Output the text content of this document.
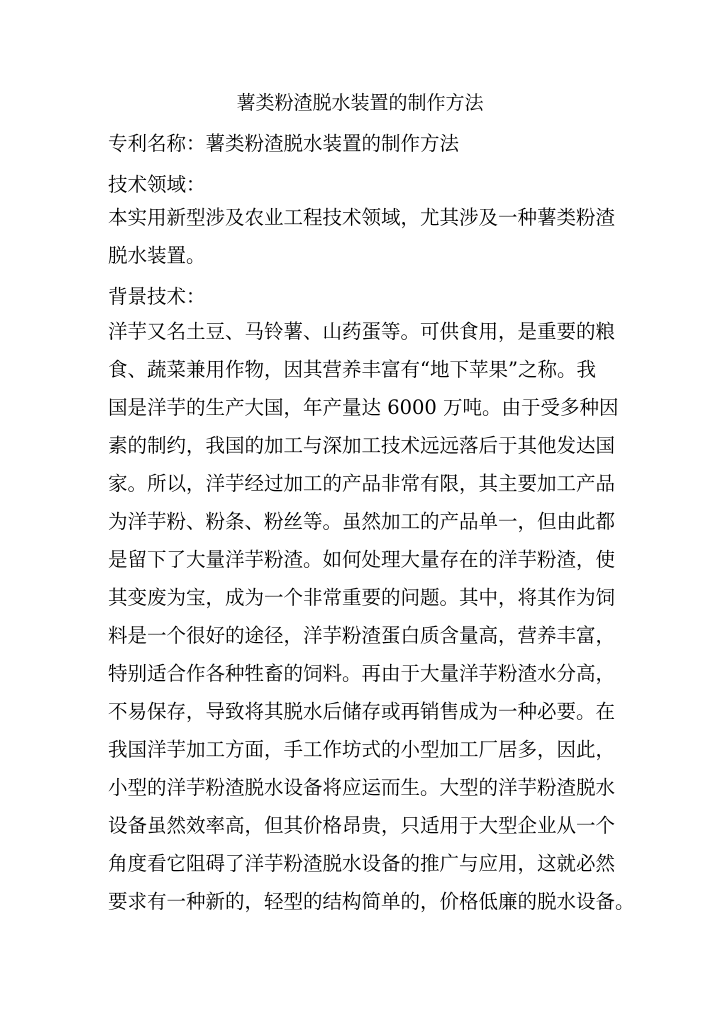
薯类粉渣脱水装置的制作方法
专利名称：薯类粉渣脱水装置的制作方法
技术领域：
本实用新型涉及农业工程技术领域，尤其涉及一种薯类粉渣
脱水装置。
背景技术：
洋芋又名土豆、马铃薯、山药蛋等。可供食用，是重要的粮
食、蔬菜兼用作物，因其营养丰富有“地下苹果”之称。我
国是洋芋的生产大国，年产量达 6000 万吨。由于受多种因
素的制约，我国的加工与深加工技术远远落后于其他发达国
家。所以，洋芋经过加工的产品非常有限，其主要加工产品
为洋芋粉、粉条、粉丝等。虽然加工的产品单一，但由此都
是留下了大量洋芋粉渣。如何处理大量存在的洋芋粉渣，使
其变废为宝，成为一个非常重要的问题。其中，将其作为饲
料是一个很好的途径，洋芋粉渣蛋白质含量高，营养丰富，
特别适合作各种牲畜的饲料。再由于大量洋芋粉渣水分高，
不易保存，导致将其脱水后储存或再销售成为一种必要。在
我国洋芋加工方面，手工作坊式的小型加工厂居多，因此，
小型的洋芋粉渣脱水设备将应运而生。大型的洋芋粉渣脱水
设备虽然效率高，但其价格昂贵，只适用于大型企业从一个
角度看它阻碍了洋芋粉渣脱水设备的推广与应用，这就必然
要求有一种新的，轻型的结构简单的，价格低廉的脱水设备。
